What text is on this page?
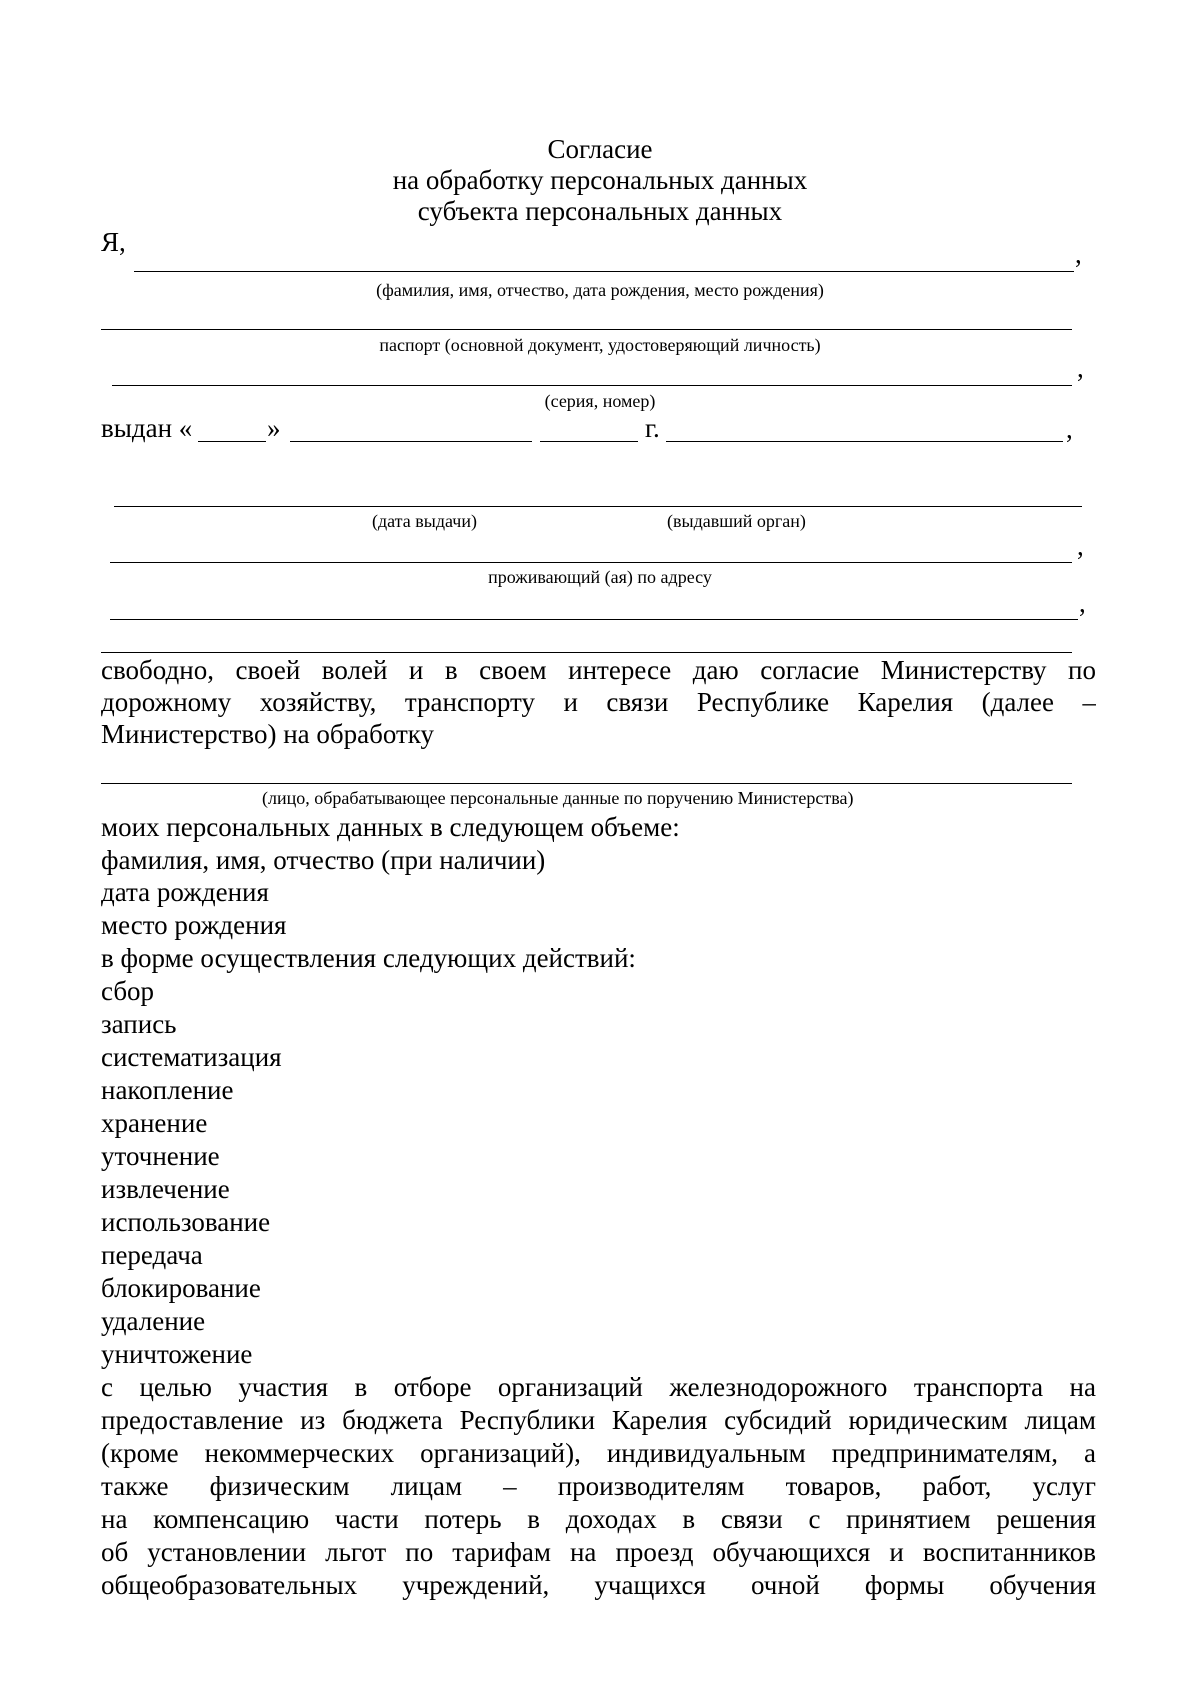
Согласие
на обработку персональных данных
субъекта персональных данных
Я,	,
(фамилия, имя, отчество, дата рождения, место рождения)
паспорт (основной документ, удостоверяющий личность)
,
(серия, номер)
выдан «	»	г.	,
(дата выдачи)	(выдавший орган)
,
проживающий (ая) по адресу
,
свободно, своей волей и в своем интересе даю согласие Министерству по
дорожному хозяйству, транспорту и связи Республике Карелия (далее –
Министерство) на обработку
(лицо, обрабатывающее персональные данные по поручению Министерства)
моих персональных данных в следующем объеме:
фамилия, имя, отчество (при наличии)
дата рождения
место рождения
в форме осуществления следующих действий:
сбор
запись
систематизация
накопление
хранение
уточнение
извлечение
использование
передача
блокирование
удаление
уничтожение
с целью участия в отборе организаций железнодорожного транспорта на
предоставление из бюджета Республики Карелия субсидий юридическим лицам
(кроме некоммерческих организаций), индивидуальным предпринимателям, а
также физическим лицам – производителям товаров, работ, услуг
на компенсацию части потерь в доходах в связи с принятием решения
об установлении льгот по тарифам на проезд обучающихся и воспитанников
общеобразовательных учреждений, учащихся очной формы обучения
